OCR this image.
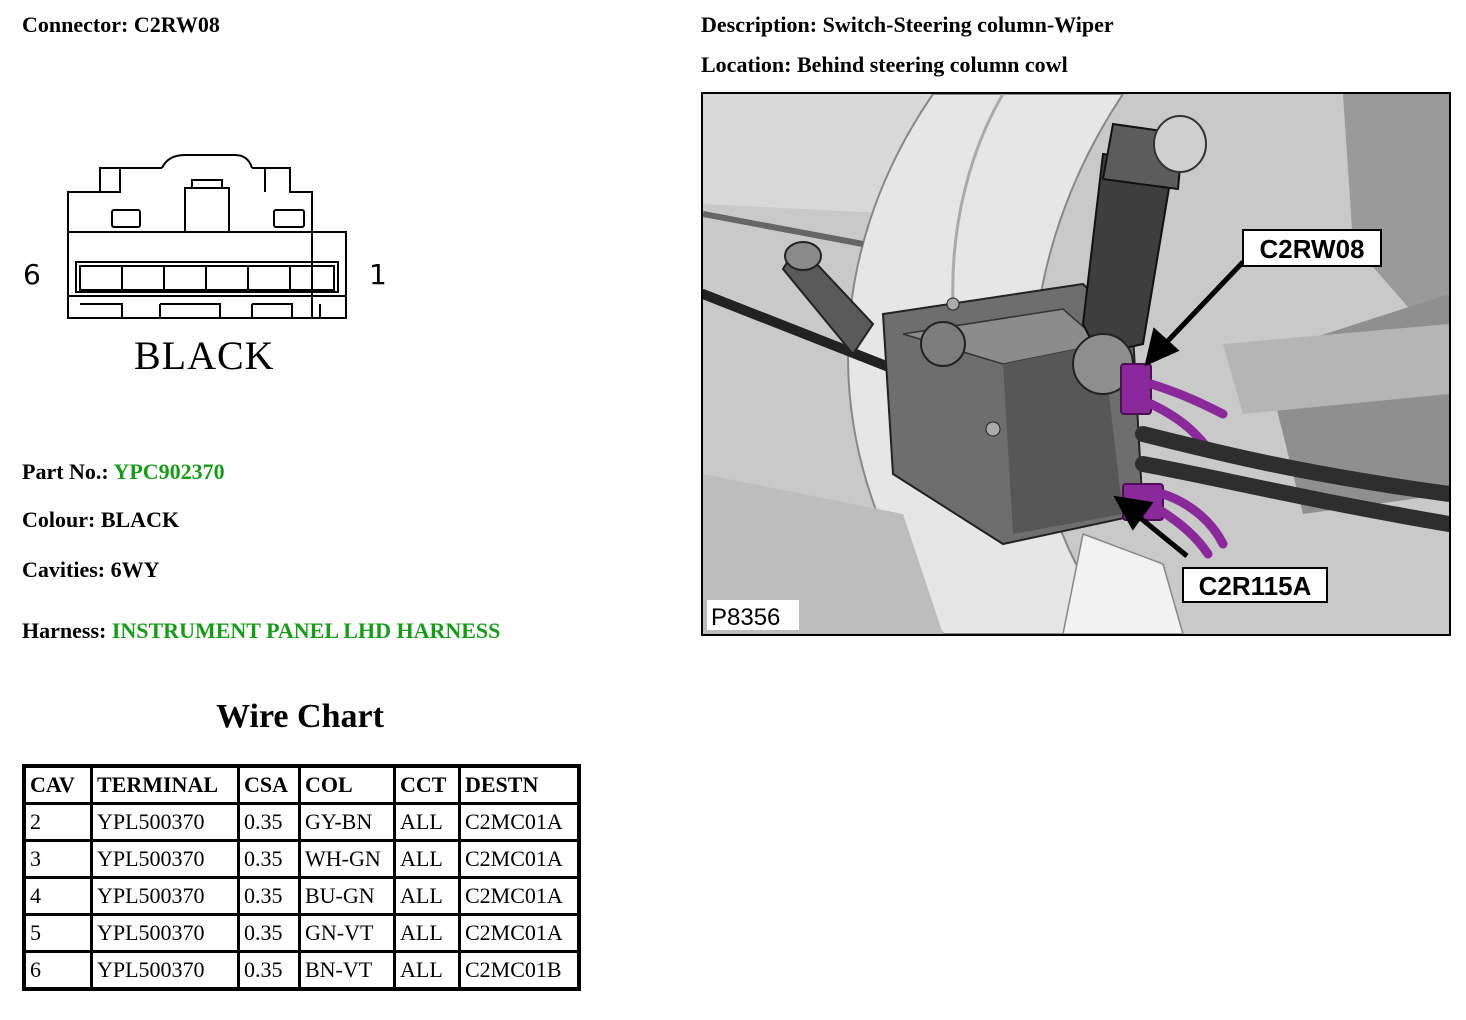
Connector: C2RW08	Description: Switch-Steering column-Wiper
Location: Behind steering column cowl
6	1
BLACK
Part No.: YPC902370
Colour: BLACK
Cavities: 6WY
Harness: INSTRUMENT PANEL LHD HARNESS
C2RW08
C2R115A
P8356
Wire Chart
CAV	TERMINAL	CSA	COL	CCT	DESTN
2	YPL500370	0.35	GY-BN	ALL	C2MC01A
3	YPL500370	0.35	WH-GN	ALL	C2MC01A
4	YPL500370	0.35	BU-GN	ALL	C2MC01A
5	YPL500370	0.35	GN-VT	ALL	C2MC01A
6	YPL500370	0.35	BN-VT	ALL	C2MC01B
